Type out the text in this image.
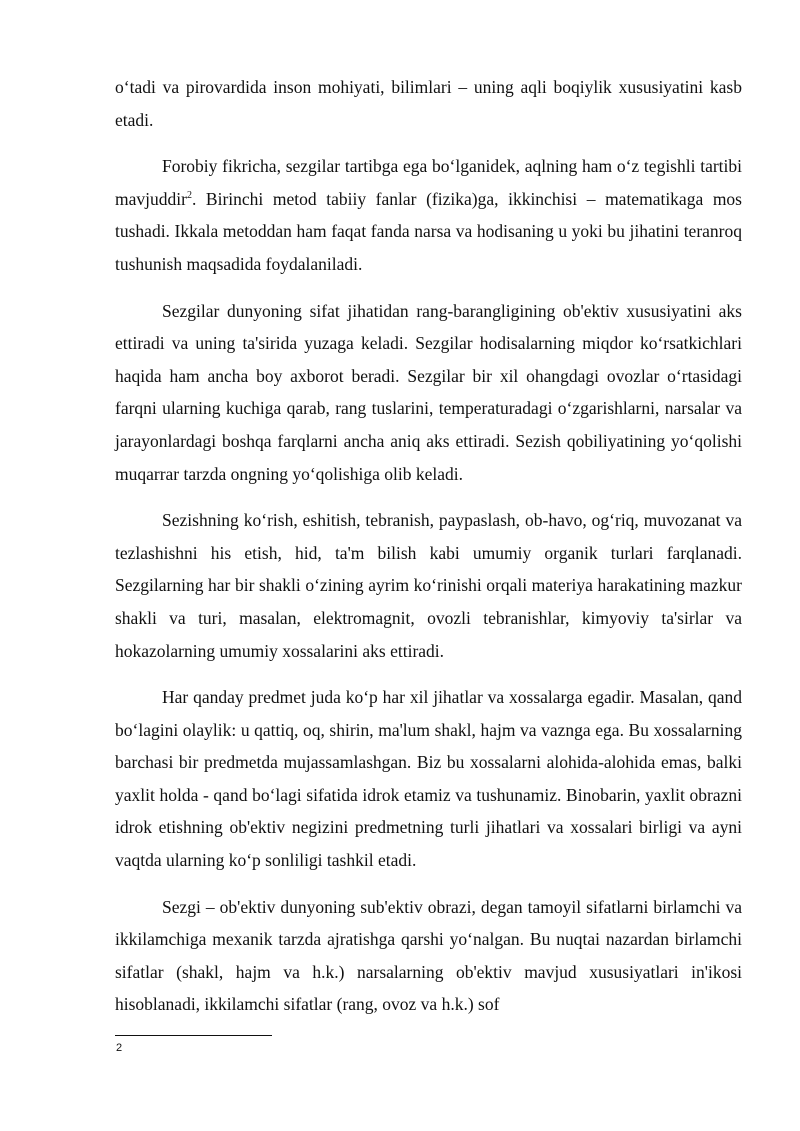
oʻtadi va pirovardida inson mohiyati, bilimlari – uning aqli boqiylik xususiyatini kasb etadi.

Forobiy fikricha, sezgilar tartibga ega boʻlganidek, aqlning ham oʻz tegishli tartibi mavjuddir$^2$. Birinchi metod tabiiy fanlar (fizika)ga, ikkinchisi – matematikaga mos tushadi. Ikkala metoddan ham faqat fanda narsa va hodisaning u yoki bu jihatini teranroq tushunish maqsadida foydalaniladi.

Sezgilar dunyoning sifat jihatidan rang-barangligining ob'ektiv xususiyatini aks ettiradi va uning ta'sirida yuzaga keladi. Sezgilar hodisalarning miqdor koʻrsatkichlari haqida ham ancha boy axborot beradi. Sezgilar bir xil ohangdagi ovozlar oʻrtasidagi farqni ularning kuchiga qarab, rang tuslarini, temperaturadagi oʻzgarishlarni, narsalar va jarayonlardagi boshqa farqlarni ancha aniq aks ettiradi. Sezish qobiliyatining yoʻqolishi muqarrar tarzda ongning yoʻqolishiga olib keladi.

Sezishning koʻrish, eshitish, tebranish, paypaslash, ob-havo, ogʻriq, muvozanat va tezlashishni his etish, hid, ta'm bilish kabi umumiy organik turlari farqlanadi. Sezgilarning har bir shakli oʻzining ayrim koʻrinishi orqali materiya harakatining mazkur shakli va turi, masalan, elektromagnit, ovozli tebranishlar, kimyoviy ta'sirlar va hokazolarning umumiy xossalarini aks ettiradi.

Har qanday predmet juda koʻp har xil jihatlar va xossalarga egadir. Masalan, qand boʻlagini olaylik: u qattiq, oq, shirin, ma'lum shakl, hajm va vaznga ega. Bu xossalarning barchasi bir predmetda mujassamlashgan. Biz bu xossalarni alohida-alohida emas, balki yaxlit holda - qand boʻlagi sifatida idrok etamiz va tushunamiz. Binobarin, yaxlit obrazni idrok etishning ob'ektiv negizini predmetning turli jihatlari va xossalari birligi va ayni vaqtda ularning koʻp sonliligi tashkil etadi.

Sezgi – ob'ektiv dunyoning sub'ektiv obrazi, degan tamoyil sifatlarni birlamchi va ikkilamchiga mexanik tarzda ajratishga qarshi yoʻnalgan. Bu nuqtai nazardan birlamchi sifatlar (shakl, hajm va h.k.) narsalarning ob'ektiv mavjud xususiyatlari in'ikosi hisoblanadi, ikkilamchi sifatlar (rang, ovoz va h.k.) sof

2
